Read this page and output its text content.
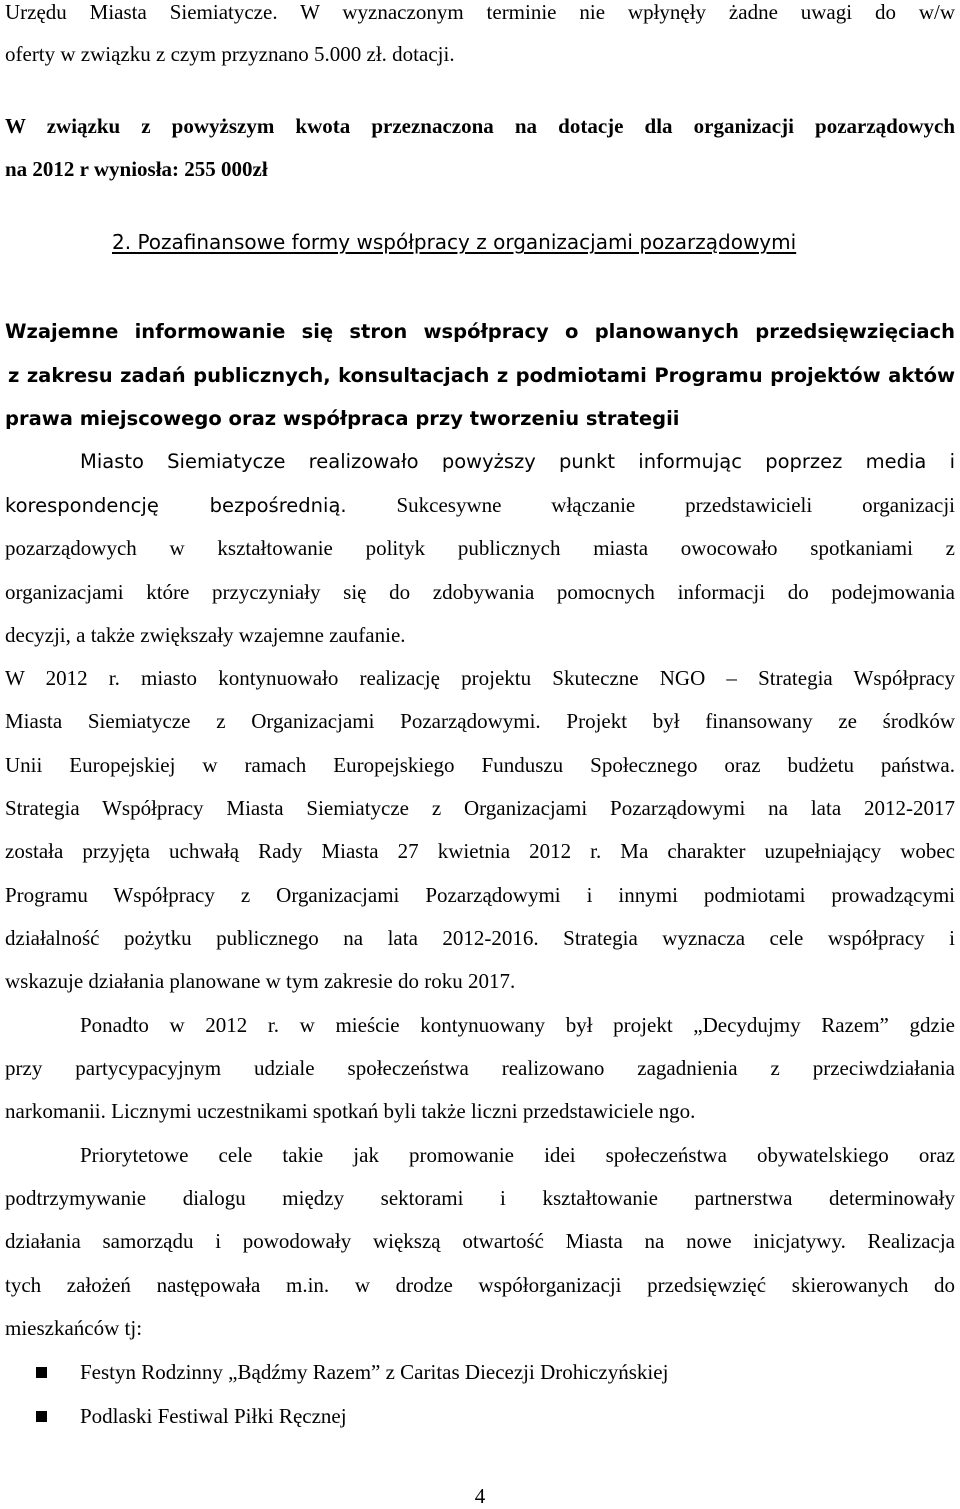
Urzędu Miasta Siemiatycze. W wyznaczonym terminie nie wpłynęły żadne uwagi do w/w
oferty w związku z czym przyznano 5.000 zł. dotacji.
W związku z powyższym kwota przeznaczona na dotacje dla organizacji pozarządowych
na 2012 r wyniosła: 255 000zł
2. Pozafinansowe formy współpracy z organizacjami pozarządowymi
Wzajemne informowanie się stron współpracy o planowanych przedsięwzięciach
z zakresu zadań publicznych, konsultacjach z podmiotami Programu projektów aktów
prawa miejscowego oraz współpraca przy tworzeniu strategii
Miasto Siemiatycze realizowało powyższy punkt informując poprzez media i
korespondencję bezpośrednią. Sukcesywne włączanie przedstawicieli organizacji
pozarządowych w kształtowanie polityk publicznych miasta owocowało spotkaniami z
organizacjami które przyczyniały się do zdobywania pomocnych informacji do podejmowania
decyzji, a także zwiększały wzajemne zaufanie.
W 2012 r. miasto kontynuowało realizację projektu Skuteczne NGO – Strategia Współpracy
Miasta Siemiatycze z Organizacjami Pozarządowymi. Projekt był finansowany ze środków
Unii Europejskiej w ramach Europejskiego Funduszu Społecznego oraz budżetu państwa.
Strategia Współpracy Miasta Siemiatycze z Organizacjami Pozarządowymi na lata 2012-2017
została przyjęta uchwałą Rady Miasta 27 kwietnia 2012 r. Ma charakter uzupełniający wobec
Programu Współpracy z Organizacjami Pozarządowymi i innymi podmiotami prowadzącymi
działalność pożytku publicznego na lata 2012-2016. Strategia wyznacza cele współpracy i
wskazuje działania planowane w tym zakresie do roku 2017.
Ponadto w 2012 r. w mieście kontynuowany był projekt „Decydujmy Razem” gdzie
przy partycypacyjnym udziale społeczeństwa realizowano zagadnienia z przeciwdziałania
narkomanii. Licznymi uczestnikami spotkań byli także liczni przedstawiciele ngo.
Priorytetowe cele takie jak promowanie idei społeczeństwa obywatelskiego oraz
podtrzymywanie dialogu między sektorami i kształtowanie partnerstwa determinowały
działania samorządu i powodowały większą otwartość Miasta na nowe inicjatywy. Realizacja
tych założeń następowała m.in. w drodze współorganizacji przedsięwzięć skierowanych do
mieszkańców tj:
Festyn Rodzinny „Bądźmy Razem” z Caritas Diecezji Drohiczyńskiej
Podlaski Festiwal Piłki Ręcznej
4
